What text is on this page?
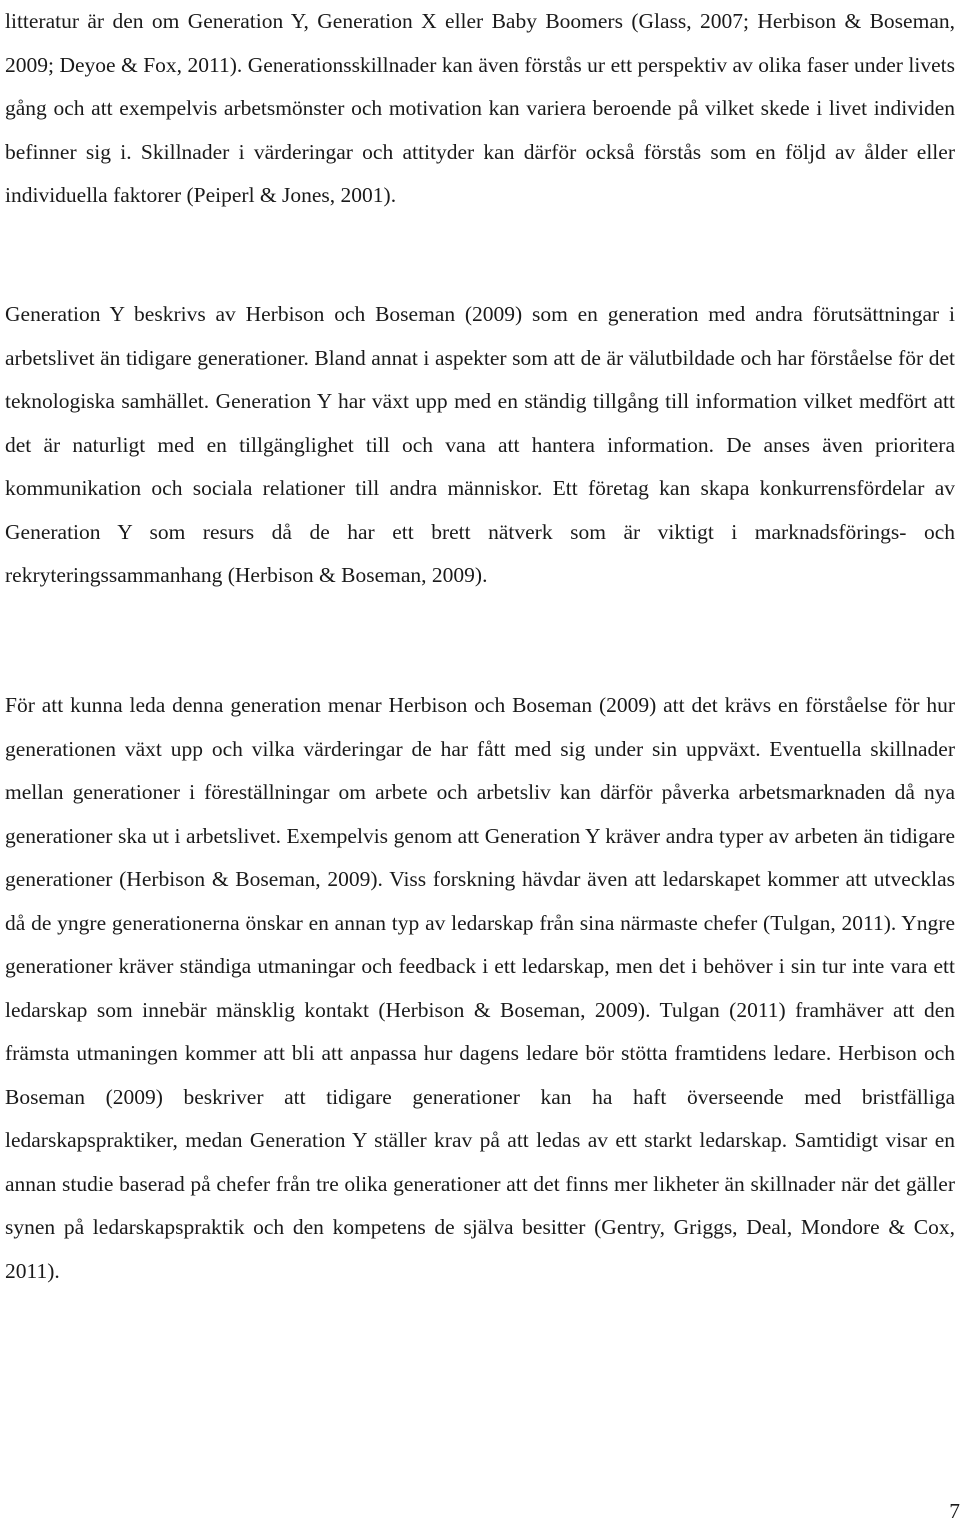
litteratur är den om Generation Y, Generation X eller Baby Boomers (Glass, 2007; Herbison & Boseman, 2009; Deyoe & Fox, 2011). Generationsskillnader kan även förstås ur ett perspektiv av olika faser under livets gång och att exempelvis arbetsmönster och motivation kan variera beroende på vilket skede i livet individen befinner sig i. Skillnader i värderingar och attityder kan därför också förstås som en följd av ålder eller individuella faktorer (Peiperl & Jones, 2001).

Generation Y beskrivs av Herbison och Boseman (2009) som en generation med andra förutsättningar i arbetslivet än tidigare generationer. Bland annat i aspekter som att de är välutbildade och har förståelse för det teknologiska samhället. Generation Y har växt upp med en ständig tillgång till information vilket medfört att det är naturligt med en tillgänglighet till och vana att hantera information. De anses även prioritera kommunikation och sociala relationer till andra människor. Ett företag kan skapa konkurrensfördelar av Generation Y som resurs då de har ett brett nätverk som är viktigt i marknadsförings- och rekryteringssammanhang (Herbison & Boseman, 2009).

För att kunna leda denna generation menar Herbison och Boseman (2009) att det krävs en förståelse för hur generationen växt upp och vilka värderingar de har fått med sig under sin uppväxt. Eventuella skillnader mellan generationer i föreställningar om arbete och arbetsliv kan därför påverka arbetsmarknaden då nya generationer ska ut i arbetslivet. Exempelvis genom att Generation Y kräver andra typer av arbeten än tidigare generationer (Herbison & Boseman, 2009). Viss forskning hävdar även att ledarskapet kommer att utvecklas då de yngre generationerna önskar en annan typ av ledarskap från sina närmaste chefer (Tulgan, 2011). Yngre generationer kräver ständiga utmaningar och feedback i ett ledarskap, men det i behöver i sin tur inte vara ett ledarskap som innebär mänsklig kontakt (Herbison & Boseman, 2009). Tulgan (2011) framhäver att den främsta utmaningen kommer att bli att anpassa hur dagens ledare bör stötta framtidens ledare. Herbison och Boseman (2009) beskriver att tidigare generationer kan ha haft överseende med bristfälliga ledarskapspraktiker, medan Generation Y ställer krav på att ledas av ett starkt ledarskap. Samtidigt visar en annan studie baserad på chefer från tre olika generationer att det finns mer likheter än skillnader när det gäller synen på ledarskapspraktik och den kompetens de själva besitter (Gentry, Griggs, Deal, Mondore & Cox, 2011).

7
